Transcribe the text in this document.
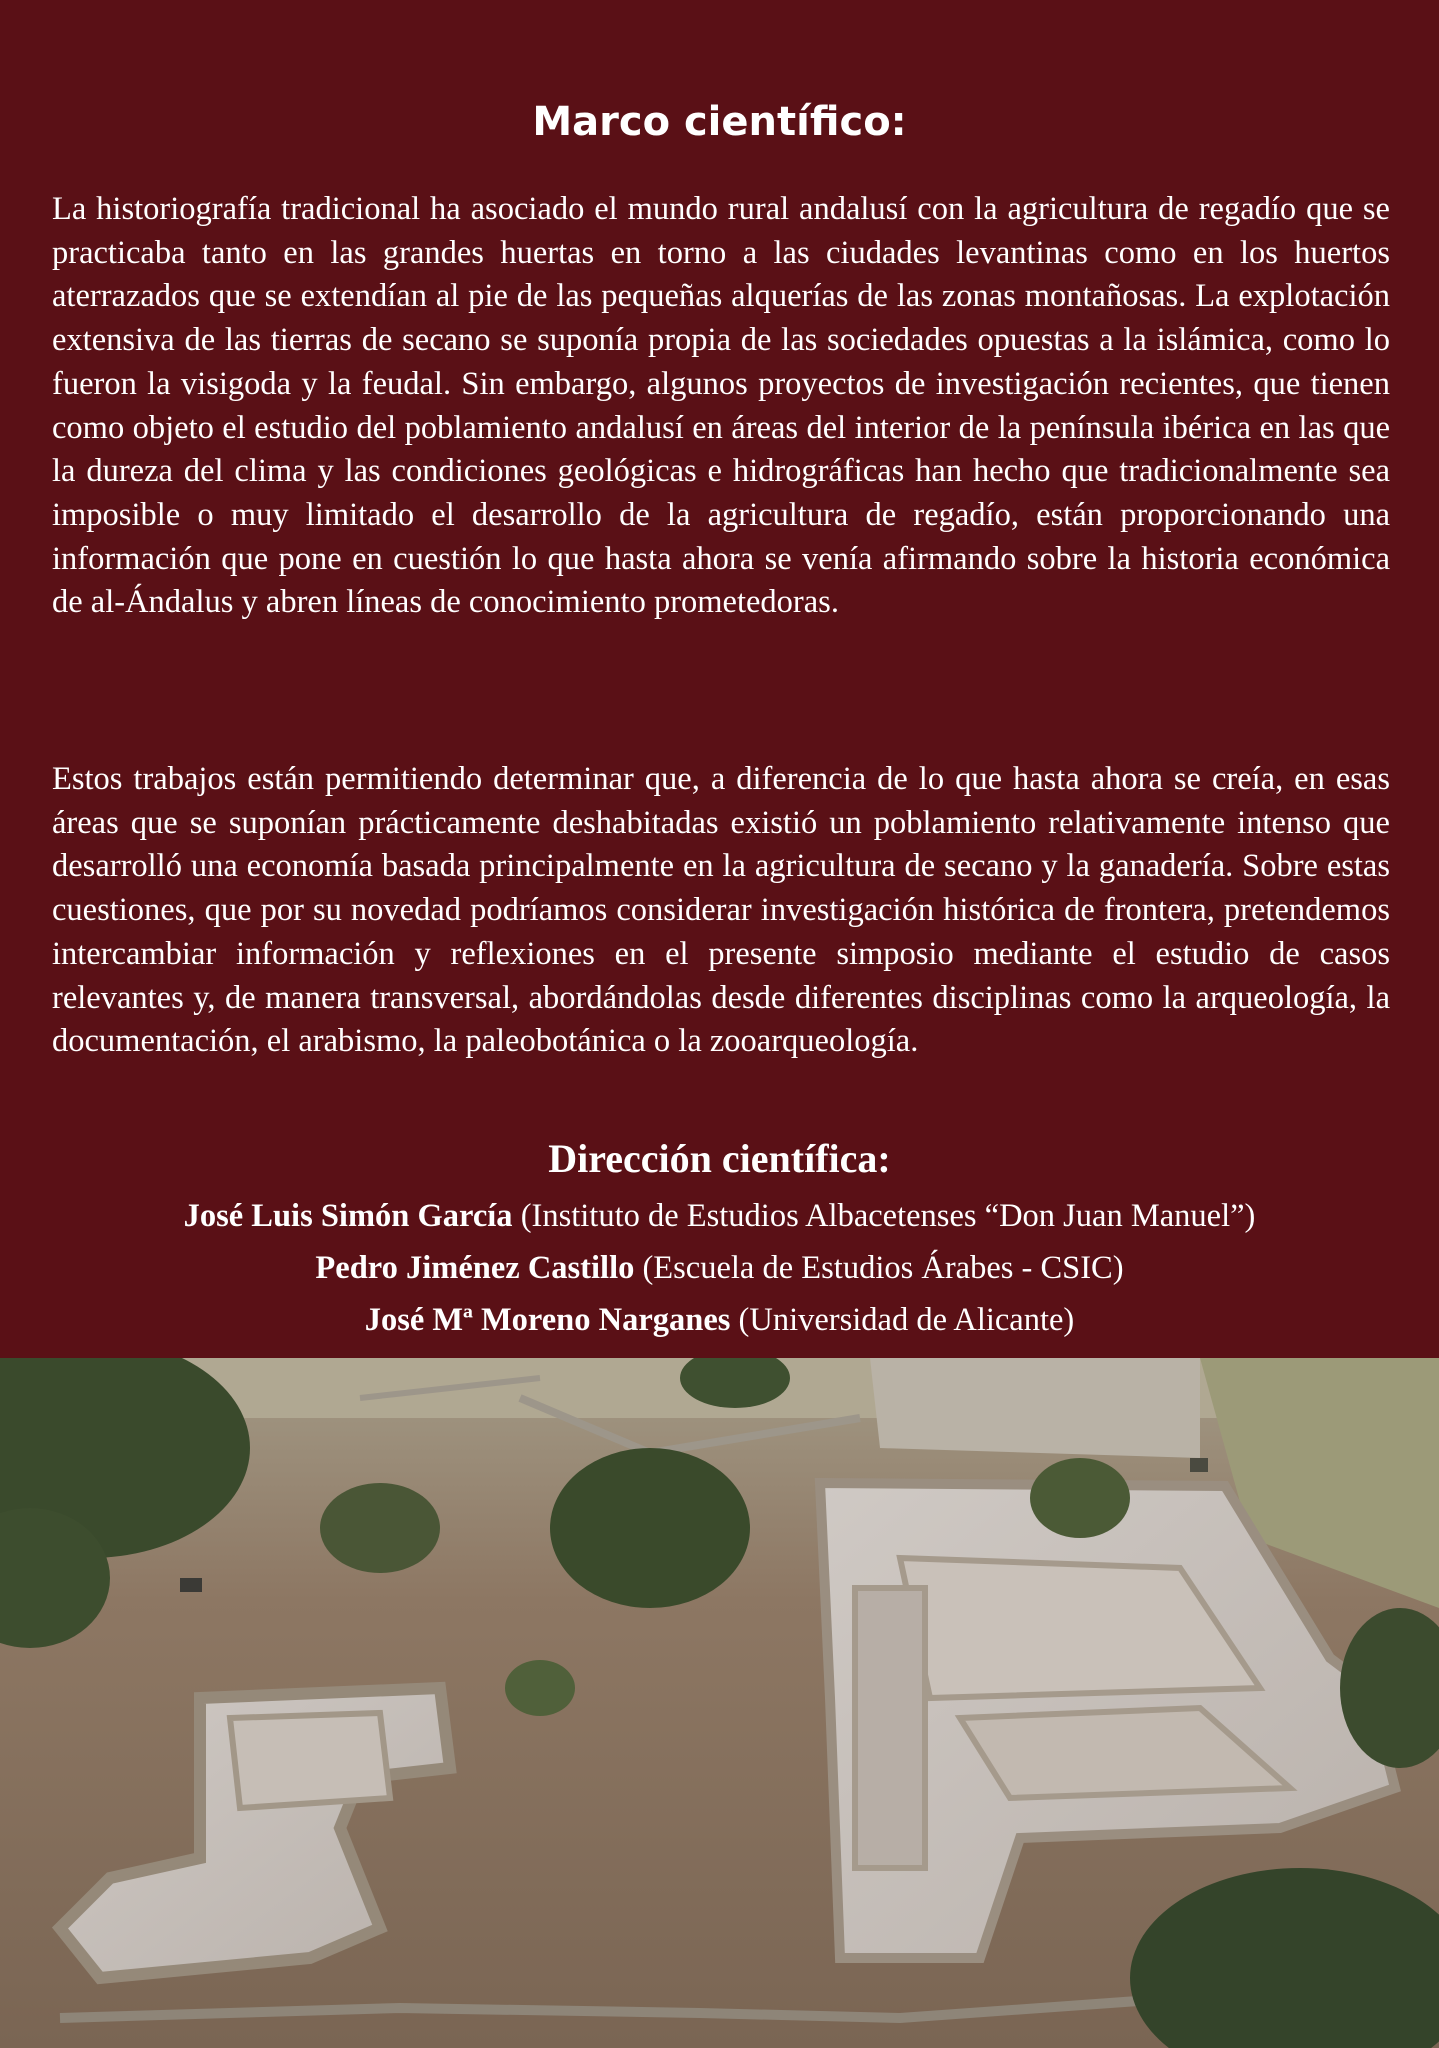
Marco científico:

La historiografía tradicional ha asociado el mundo rural andalusí con la agricultura de regadío que se practicaba tanto en las grandes huertas en torno a las ciudades levantinas como en los huertos aterrazados que se extendían al pie de las pequeñas alquerías de las zonas montañosas. La explotación extensiva de las tierras de secano se suponía propia de las sociedades opuestas a la islámica, como lo fueron la visigoda y la feudal. Sin embargo, algunos proyectos de investigación recientes, que tienen como objeto el estudio del poblamiento andalusí en áreas del interior de la península ibérica en las que la dureza del clima y las condiciones geológicas e hidrográficas han hecho que tradicionalmente sea imposible o muy limitado el desarrollo de la agricultura de regadío, están proporcionando una información que pone en cuestión lo que hasta ahora se venía afirmando sobre la historia económica de al-Ándalus y abren líneas de conocimiento prometedoras.

Estos trabajos están permitiendo determinar que, a diferencia de lo que hasta ahora se creía, en esas áreas que se suponían prácticamente deshabitadas existió un poblamiento relativamente intenso que desarrolló una economía basada principalmente en la agricultura de secano y la ganadería. Sobre estas cuestiones, que por su novedad podríamos considerar investigación histórica de frontera, pretendemos intercambiar información y reflexiones en el presente simposio mediante el estudio de casos relevantes y, de manera transversal, abordándolas desde diferentes disciplinas como la arqueología, la documentación, el arabismo, la paleobotánica o la zooarqueología.

Dirección científica:
José Luis Simón García (Instituto de Estudios Albacetenses “Don Juan Manuel”)
Pedro Jiménez Castillo (Escuela de Estudios Árabes - CSIC)
José Mª Moreno Narganes (Universidad de Alicante)
